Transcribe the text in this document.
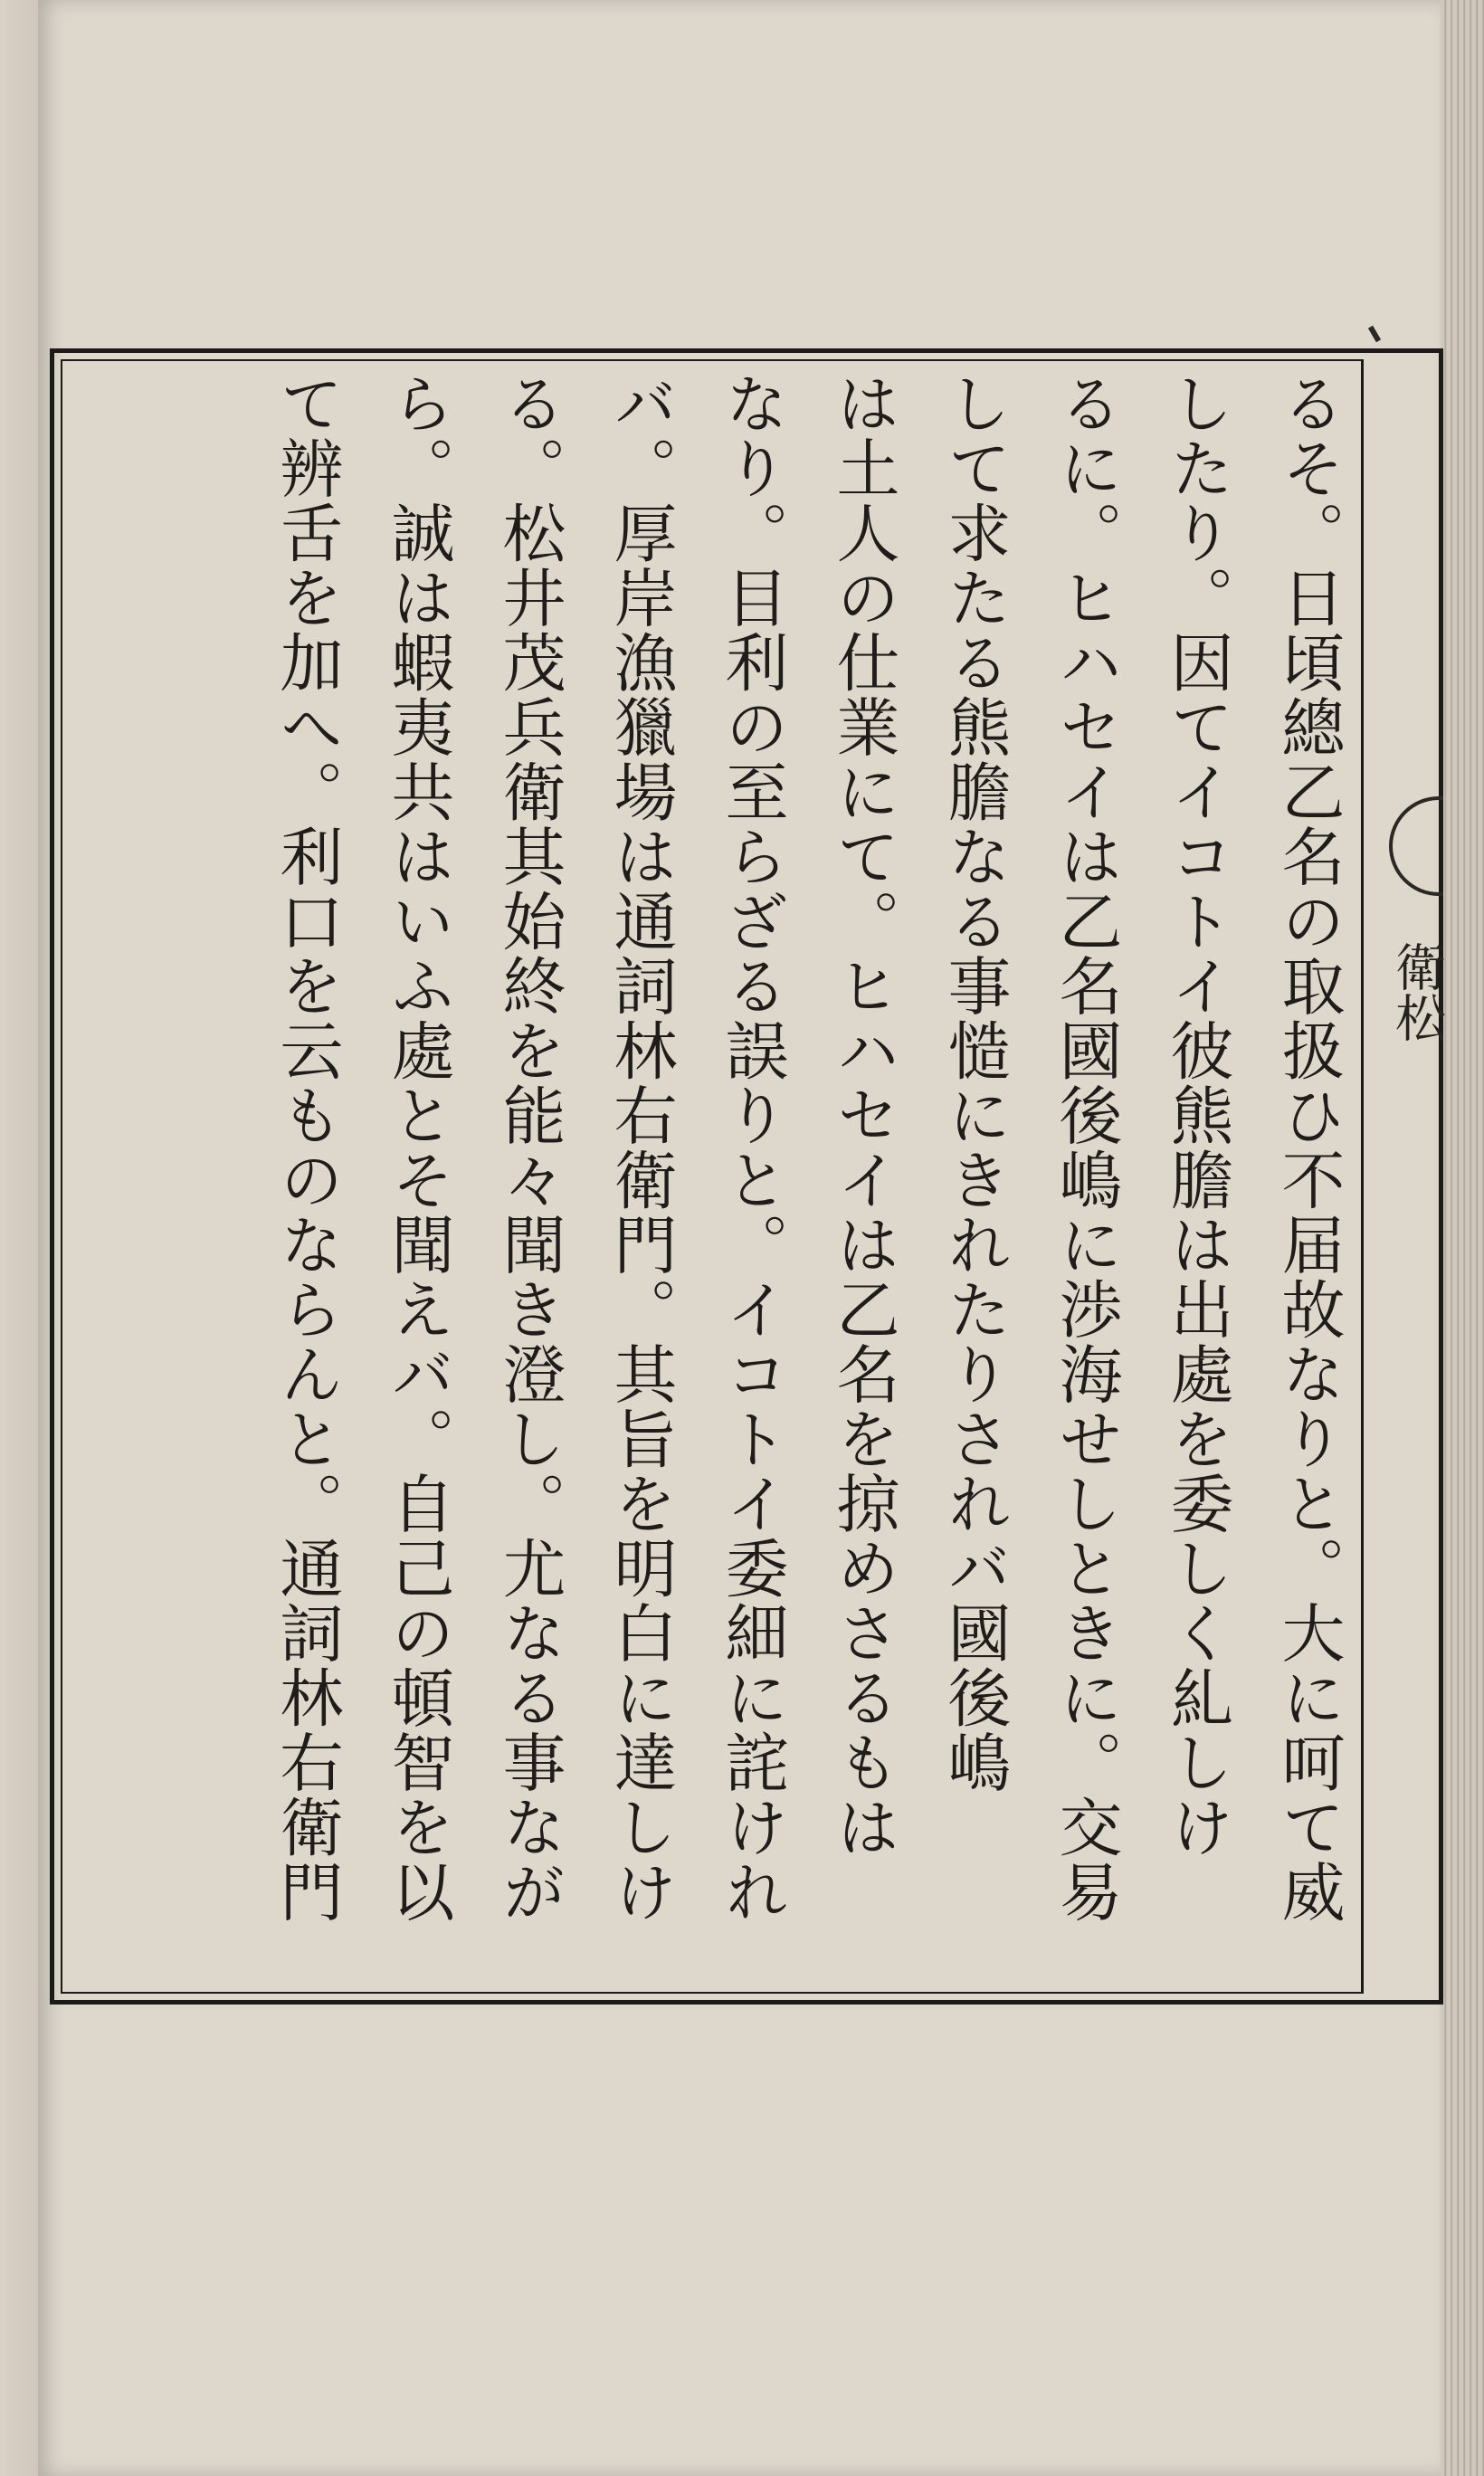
るそ。日頃總乙名の取扱ひ不届故なりと。大に呵て威
したり。因てイコトイ彼熊膽は出處を委しく糺しけ
るに。ヒハセイは乙名國後嶋に渉海せしときに。交易
して求たる熊膽なる事慥にきれたりされバ國後嶋
は土人の仕業にて。ヒハセイは乙名を掠めさるもは
なり。目利の至らざる誤りと。イコトイ委細に詫けれ
バ。厚岸漁獵場は通詞林右衛門。其旨を明白に達しけ
る。松井茂兵衛其始終を能々聞き澄し。尤なる事なが
ら。誠は蝦夷共はいふ處とそ聞えバ。自己の頓智を以
て辨舌を加へ。利口を云ものならんと。通詞林右衛門	衛松
